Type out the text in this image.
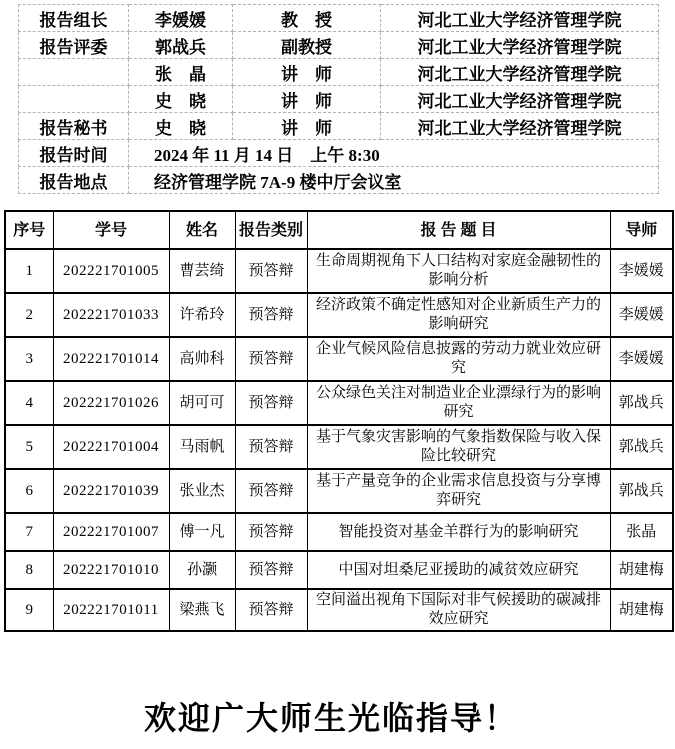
报告组长	李媛媛	教　授	河北工业大学经济管理学院
报告评委	郭战兵	副教授	河北工业大学经济管理学院
	张　晶	讲　师	河北工业大学经济管理学院
	史　晓	讲　师	河北工业大学经济管理学院
报告秘书	史　晓	讲　师	河北工业大学经济管理学院
报告时间	2024 年 11 月 14 日　上午 8:30		
报告地点	经济管理学院 7A-9 楼中厅会议室		
序号	学号	姓名	报告类别	报 告 题 目	导师
1	202221701005	曹芸绮	预答辩	生命周期视角下人口结构对家庭金融韧性的影响分析	李媛媛
2	202221701033	许希玲	预答辩	经济政策不确定性感知对企业新质生产力的影响研究	李媛媛
3	202221701014	高帅科	预答辩	企业气候风险信息披露的劳动力就业效应研究	李媛媛
4	202221701026	胡可可	预答辩	公众绿色关注对制造业企业漂绿行为的影响研究	郭战兵
5	202221701004	马雨帆	预答辩	基于气象灾害影响的气象指数保险与收入保险比较研究	郭战兵
6	202221701039	张业杰	预答辩	基于产量竞争的企业需求信息投资与分享博弈研究	郭战兵
7	202221701007	傅一凡	预答辩	智能投资对基金羊群行为的影响研究	张晶
8	202221701010	孙灏	预答辩	中国对坦桑尼亚援助的减贫效应研究	胡建梅
9	202221701011	梁燕飞	预答辩	空间溢出视角下国际对非气候援助的碳减排效应研究	胡建梅
欢迎广大师生光临指导！
